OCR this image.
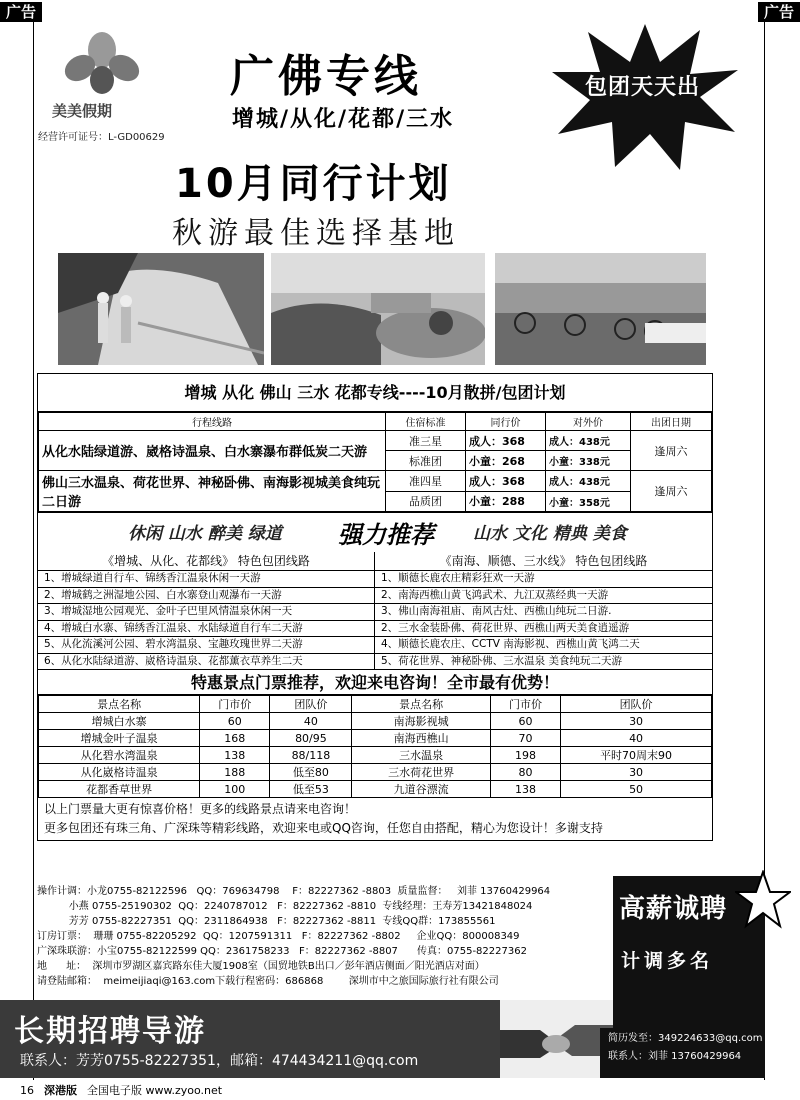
广告	广告
美美假期
经营许可证号：L-GD00629
广佛专线
增城/从化/花都/三水
包团天天出
10月同行计划
秋游最佳选择基地
增城 从化 佛山 三水 花都专线----10月散拼/包团计划
行程线路	住宿标准	同行价	对外价	出团日期
从化水陆绿道游、崴格诗温泉、白水寨瀑布群低炭二天游	准三星	成人：368	成人：438元	逢周六
	标准团	小童：268	小童：338元	
佛山三水温泉、荷花世界、神秘卧佛、南海影视城美食纯玩二日游	准四星	成人：368	成人：438元	逢周六
	品质团	小童：288	小童：358元	
休闲 山水 醉美 绿道 强力推荐 山水 文化 精典 美食
《增城、从化、花都线》 特色包团线路
1、增城绿道自行车、锦绣香江温泉休闲一天游
2、增城鹤之洲湿地公园、白水寨登山观瀑布一天游
3、增城湿地公园观光、金叶子巴里风情温泉休闲一天
4、增城白水寨、锦绣香江温泉、水陆绿道自行车二天游
5、从化流溪河公园、碧水湾温泉、宝趣玫瑰世界二天游
6、从化水陆绿道游、崴格诗温泉、花都薰衣草养生二天
《南海、顺德、三水线》 特色包团线路
1、顺德长鹿农庄精彩狂欢一天游
2、南海西樵山黄飞鸿武术、九江双蒸经典一天游
3、佛山南海祖庙、南风古灶、西樵山纯玩二日游.
2、三水金装卧佛、荷花世界、西樵山两天美食逍遥游
4、顺德长鹿农庄、CCTV 南海影视、西樵山黄飞鸿二天
5、荷花世界、神秘卧佛、三水温泉 美食纯玩二天游
特惠景点门票推荐，欢迎来电咨询！全市最有优势！
景点名称	门市价	团队价	景点名称	门市价	团队价
增城白水寨	60	40	南海影视城	60	30
增城金叶子温泉	168	80/95	南海西樵山	70	40
从化碧水湾温泉	138	88/118	三水温泉	198	平时70周末90
从化崴格诗温泉	188	低至80	三水荷花世界	80	30
花都香草世界	100	低至53	九道谷漂流	138	50
以上门票量大更有惊喜价格！更多的线路景点请来电咨询！
更多包团还有珠三角、广深珠等精彩线路，欢迎来电或QQ咨询，任您自由搭配，精心为您设计！多谢支持
操作计调：小龙0755-82122596   QQ：769634798    F：82227362 -8803  质量监督：   刘菲 13760429964
小燕 0755-25190302  QQ：2240787012   F：82227362 -8810  专线经理：王寿芳13421848024
芳芳 0755-82227351  QQ：2311864938   F：82227362 -8811  专线QQ群：173855561
订房订票：  珊珊 0755-82205292  QQ：1207591311   F：82227362 -8802     企业QQ：800008349
广深珠联游：小宝0755-82122599 QQ：2361758233   F：82227362 -8807      传真：0755-82227362
地      址：  深圳市罗湖区嘉宾路东佳大厦1908室（国贸地铁B出口／彭年酒店侧面／阳光酒店对面）
请登陆邮箱：  meimeijiaqi@163.com下载行程密码：686868        深圳市中之旅国际旅行社有限公司
高薪诚聘
计调多名
长期招聘导游
联系人：芳芳0755-82227351，邮箱：474434211@qq.com
简历发至：349224633@qq.com
联系人：刘菲 13760429964
16 深港版 全国电子版 www.zyoo.net
